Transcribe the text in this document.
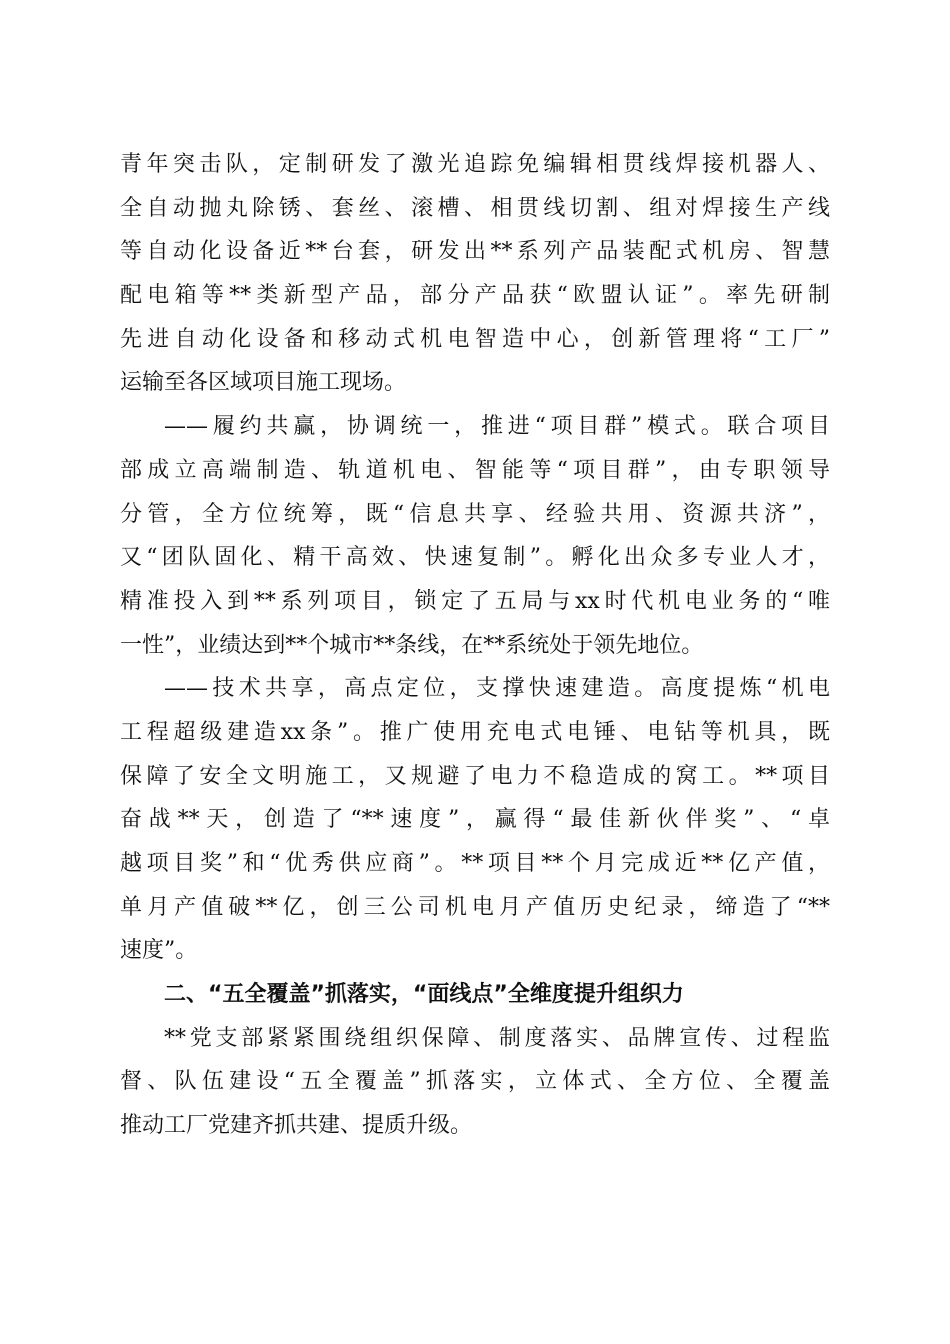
青年突击队，定制研发了激光追踪免编辑相贯线焊接机器人、
全自动抛丸除锈、套丝、滚槽、相贯线切割、组对焊接生产线
等自动化设备近**台套，研发出**系列产品装配式机房、智慧
配电箱等**类新型产品，部分产品获“欧盟认证”。率先研制
先进自动化设备和移动式机电智造中心，创新管理将“工厂”
运输至各区域项目施工现场。
——履约共赢，协调统一，推进“项目群”模式。联合项目
部成立高端制造、轨道机电、智能等“项目群”，由专职领导
分管，全方位统筹，既“信息共享、经验共用、资源共济”，
又“团队固化、精干高效、快速复制”。孵化出众多专业人才，
精准投入到**系列项目，锁定了五局与xx时代机电业务的“唯
一性”，业绩达到**个城市**条线，在**系统处于领先地位。
——技术共享，高点定位，支撑快速建造。高度提炼“机电
工程超级建造xx条”。推广使用充电式电锤、电钻等机具，既
保障了安全文明施工，又规避了电力不稳造成的窝工。**项目
奋战**天，创造了“**速度”，赢得“最佳新伙伴奖”、“卓
越项目奖”和“优秀供应商”。**项目**个月完成近**亿产值，
单月产值破**亿，创三公司机电月产值历史纪录，缔造了“**
速度”。
二、“五全覆盖”抓落实，“面线点”全维度提升组织力
**党支部紧紧围绕组织保障、制度落实、品牌宣传、过程监
督、队伍建设“五全覆盖”抓落实，立体式、全方位、全覆盖
推动工厂党建齐抓共建、提质升级。
